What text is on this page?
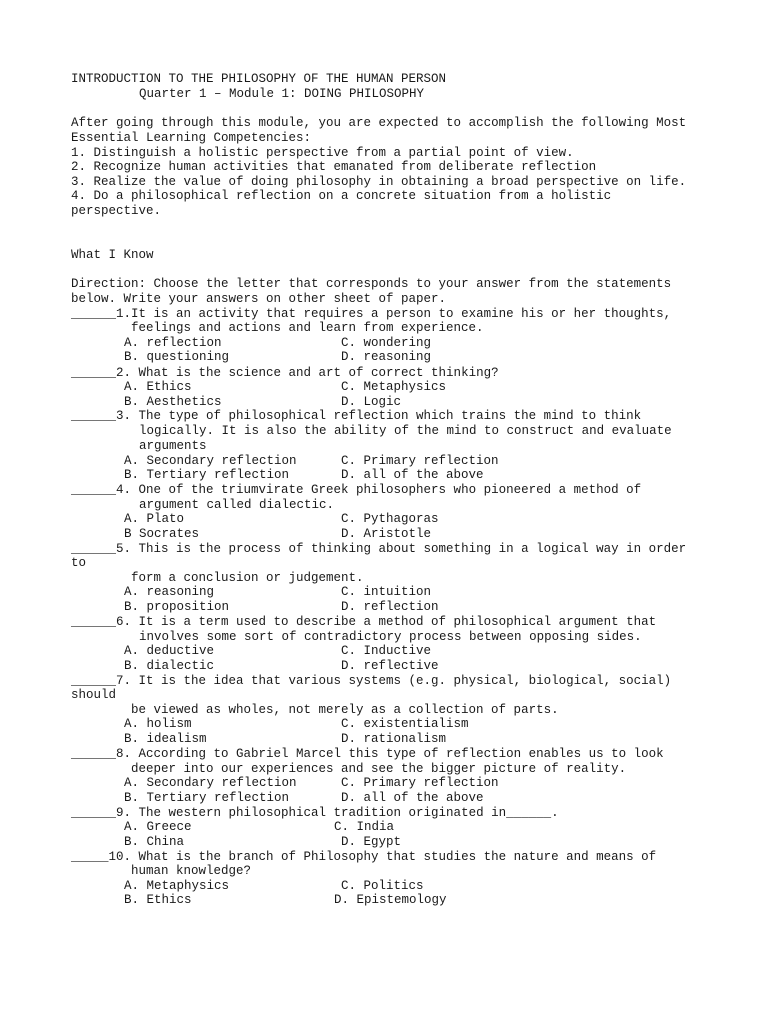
INTRODUCTION TO THE PHILOSOPHY OF THE HUMAN PERSON
Quarter 1 – Module 1: DOING PHILOSOPHY
After going through this module, you are expected to accomplish the following Most
Essential Learning Competencies:
1. Distinguish a holistic perspective from a partial point of view.
2. Recognize human activities that emanated from deliberate reflection
3. Realize the value of doing philosophy in obtaining a broad perspective on life.
4. Do a philosophical reflection on a concrete situation from a holistic
perspective.
What I Know
Direction: Choose the letter that corresponds to your answer from the statements
below. Write your answers on other sheet of paper.
______1.It is an activity that requires a person to examine his or her thoughts,
feelings and actions and learn from experience.
A. reflection	C. wondering
B. questioning	D. reasoning
______2. What is the science and art of correct thinking?
A. Ethics	C. Metaphysics
B. Aesthetics	D. Logic
______3. The type of philosophical reflection which trains the mind to think
logically. It is also the ability of the mind to construct and evaluate
arguments
A. Secondary reflection	C. Primary reflection
B. Tertiary reflection	D. all of the above
______4. One of the triumvirate Greek philosophers who pioneered a method of
argument called dialectic.
A. Plato	C. Pythagoras
B Socrates	D. Aristotle
______5. This is the process of thinking about something in a logical way in order
to
form a conclusion or judgement.
A. reasoning	C. intuition
B. proposition	D. reflection
______6. It is a term used to describe a method of philosophical argument that
involves some sort of contradictory process between opposing sides.
A. deductive	C. Inductive
B. dialectic	D. reflective
______7. It is the idea that various systems (e.g. physical, biological, social)
should
be viewed as wholes, not merely as a collection of parts.
A. holism	C. existentialism
B. idealism	D. rationalism
______8. According to Gabriel Marcel this type of reflection enables us to look
deeper into our experiences and see the bigger picture of reality.
A. Secondary reflection	C. Primary reflection
B. Tertiary reflection	D. all of the above
______9. The western philosophical tradition originated in______.
A. Greece	C. India
B. China	D. Egypt
_____10. What is the branch of Philosophy that studies the nature and means of
human knowledge?
A. Metaphysics	C. Politics
B. Ethics	D. Epistemology
